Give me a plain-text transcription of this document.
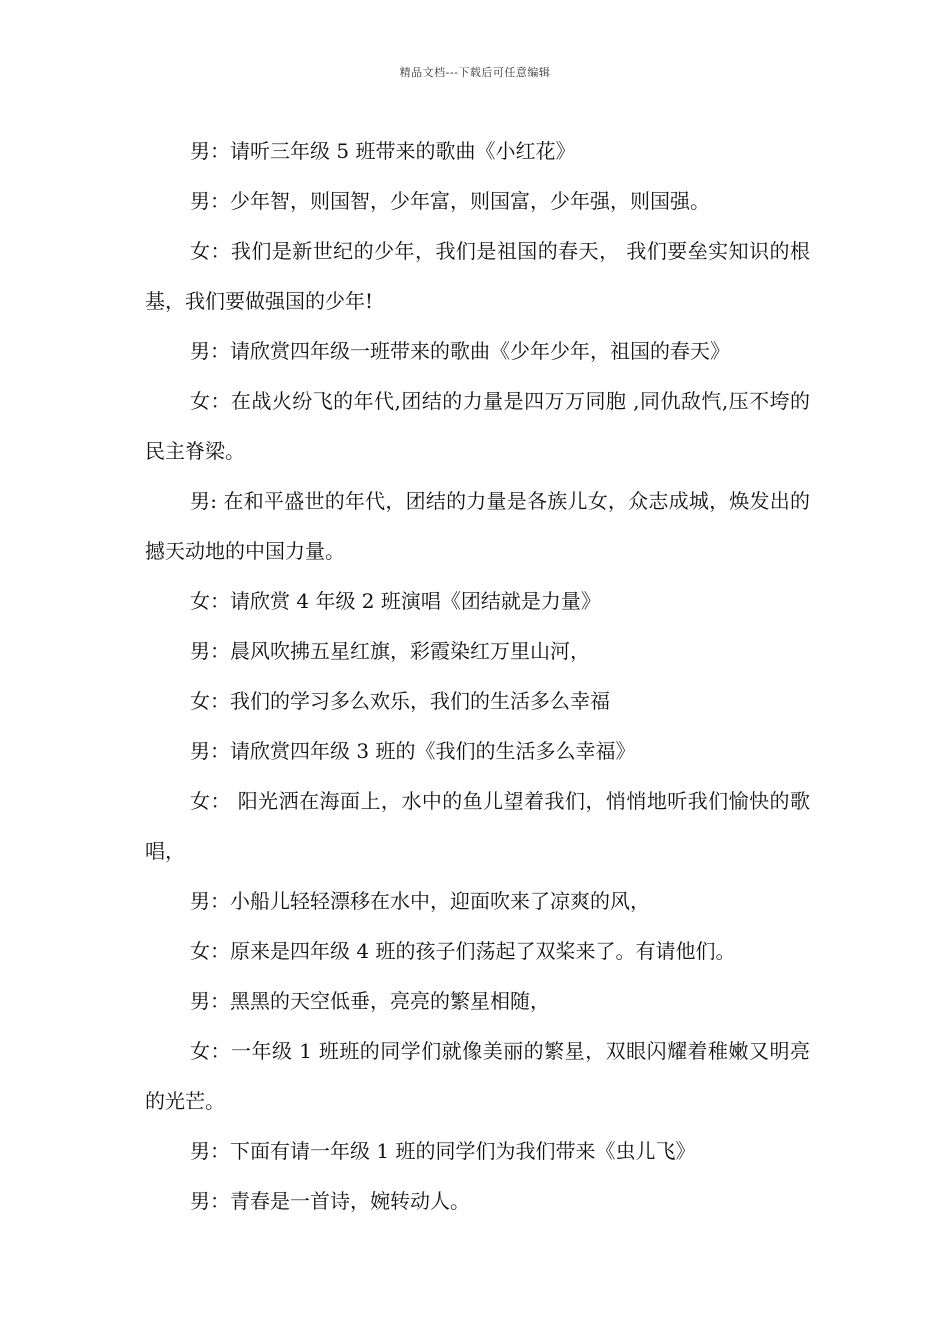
精品文档---下载后可任意编辑

男：请听三年级 5 班带来的歌曲《小红花》

男：少年智，则国智，少年富，则国富，少年强，则国强。

女：我们是新世纪的少年，我们是祖国的春天， 我们要垒实知识的根基，我们要做强国的少年!

男：请欣赏四年级一班带来的歌曲《少年少年，祖国的春天》

女：在战火纷飞的年代,团结的力量是四万万同胞 ,同仇敌忾,压不垮的民主脊梁。

男: 在和平盛世的年代，团结的力量是各族儿女，众志成城，焕发出的撼天动地的中国力量。

女：请欣赏 4 年级 2 班演唱《团结就是力量》

男：晨风吹拂五星红旗，彩霞染红万里山河，

女：我们的学习多么欢乐，我们的生活多么幸福

男：请欣赏四年级 3 班的《我们的生活多么幸福》

女： 阳光洒在海面上，水中的鱼儿望着我们，悄悄地听我们愉快的歌唱，

男：小船儿轻轻漂移在水中，迎面吹来了凉爽的风，

女：原来是四年级 4 班的孩子们荡起了双桨来了。有请他们。

男：黑黑的天空低垂，亮亮的繁星相随，

女：一年级 1 班班的同学们就像美丽的繁星，双眼闪耀着稚嫩又明亮的光芒。

男：下面有请一年级 1 班的同学们为我们带来《虫儿飞》

男：青春是一首诗，婉转动人。
